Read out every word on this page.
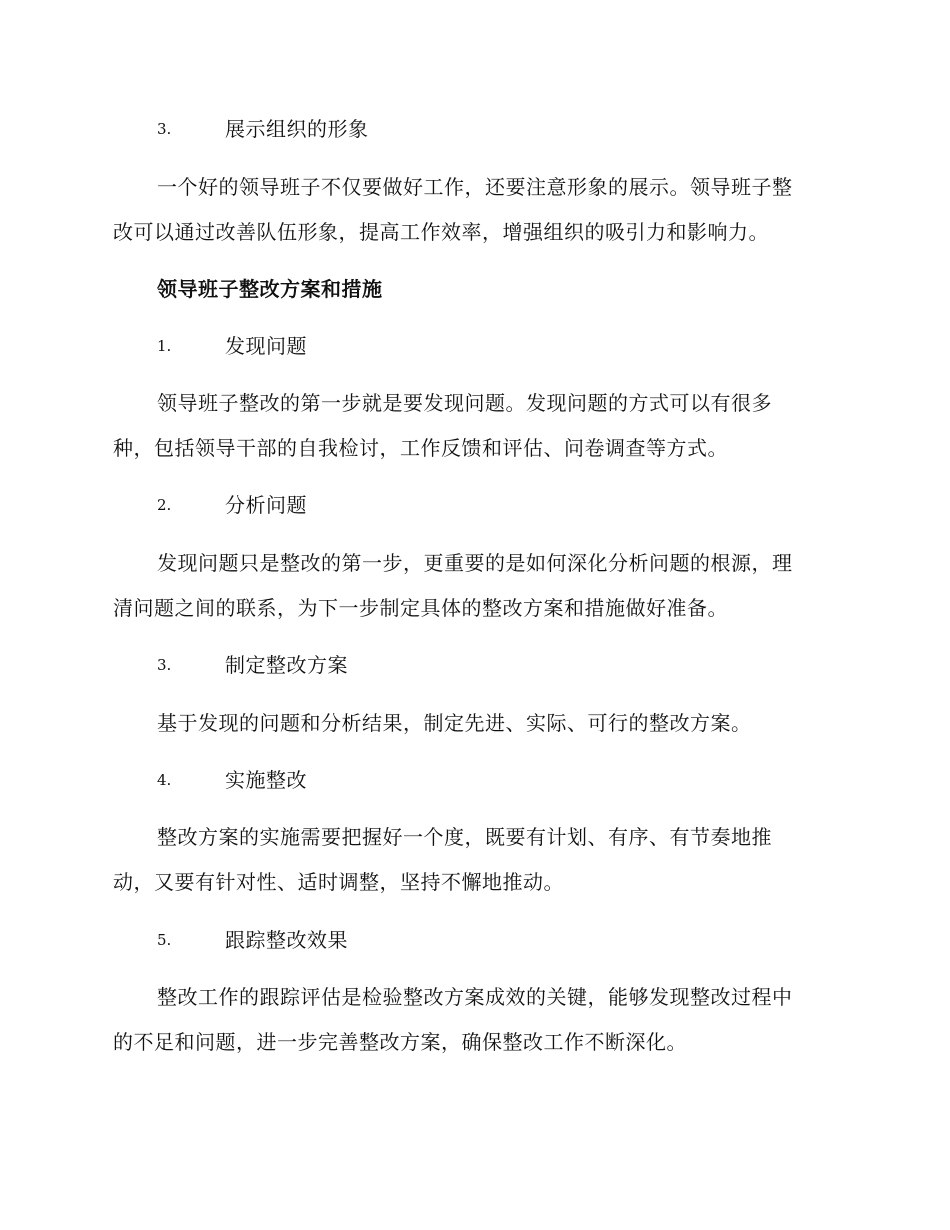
3.	展示组织的形象
一个好的领导班子不仅要做好工作，还要注意形象的展示。领导班子整
改可以通过改善队伍形象，提高工作效率，增强组织的吸引力和影响力。
领导班子整改方案和措施
1.	发现问题
领导班子整改的第一步就是要发现问题。发现问题的方式可以有很多
种，包括领导干部的自我检讨，工作反馈和评估、问卷调查等方式。
2.	分析问题
发现问题只是整改的第一步，更重要的是如何深化分析问题的根源，理
清问题之间的联系，为下一步制定具体的整改方案和措施做好准备。
3.	制定整改方案
基于发现的问题和分析结果，制定先进、实际、可行的整改方案。
4.	实施整改
整改方案的实施需要把握好一个度，既要有计划、有序、有节奏地推
动，又要有针对性、适时调整，坚持不懈地推动。
5.	跟踪整改效果
整改工作的跟踪评估是检验整改方案成效的关键，能够发现整改过程中
的不足和问题，进一步完善整改方案，确保整改工作不断深化。
